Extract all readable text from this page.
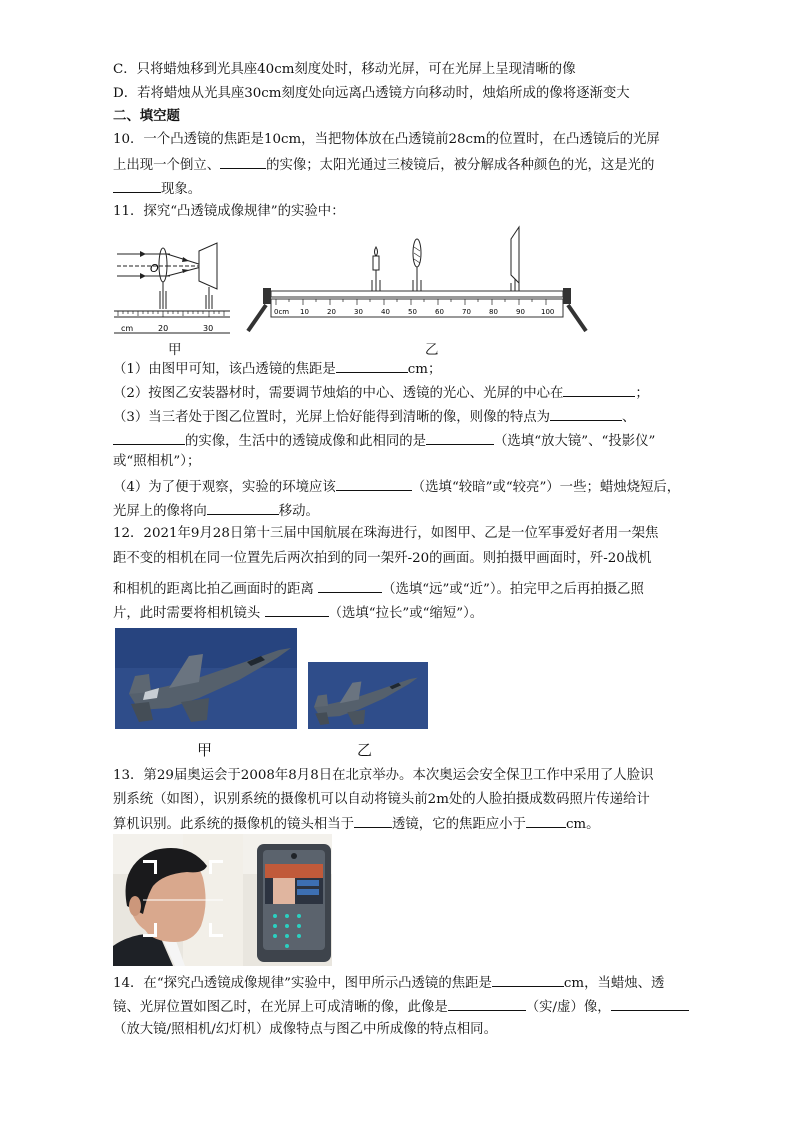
C．只将蜡烛移到光具座40cm刻度处时，移动光屏，可在光屏上呈现清晰的像
D．若将蜡烛从光具座30cm刻度处向远离凸透镜方向移动时，烛焰所成的像将逐渐变大
二、填空题
10．一个凸透镜的焦距是10cm，当把物体放在凸透镜前28cm的位置时，在凸透镜后的光屏
上出现一个倒立、	的实像；太阳光通过三棱镜后，被分解成各种颜色的光，这是光的
现象。
11．探究“凸透镜成像规律”的实验中：
O
cm	20	30
0cm 10	20	30	40	50	60	70	80	90 100
甲	乙
（1）由图甲可知，该凸透镜的焦距是	cm；
（2）按图乙安装器材时，需要调节烛焰的中心、透镜的光心、光屏的中心在	；
（3）当三者处于图乙位置时，光屏上恰好能得到清晰的像，则像的特点为	、
的实像，生活中的透镜成像和此相同的是	（选填“放大镜”、“投影仪”
或“照相机”）；
（4）为了便于观察，实验的环境应该	（选填“较暗”或“较亮”）一些；蜡烛烧短后，
光屏上的像将向	移动。
12．2021年9月28日第十三届中国航展在珠海进行，如图甲、乙是一位军事爱好者用一架焦
距不变的相机在同一位置先后两次拍到的同一架歼-20的画面。则拍摄甲画面时，歼-20战机
和相机的距离比拍乙画面时的距离	（选填“远”或“近”）。拍完甲之后再拍摄乙照
片，此时需要将相机镜头	（选填“拉长”或“缩短”）。
甲	乙
13．第29届奥运会于2008年8月8日在北京举办。本次奥运会安全保卫工作中采用了人脸识
别系统（如图），识别系统的摄像机可以自动将镜头前2m处的人脸拍摄成数码照片传递给计
算机识别。此系统的摄像机的镜头相当于	透镜，它的焦距应小于	cm。
14．在“探究凸透镜成像规律”实验中，图甲所示凸透镜的焦距是	cm，当蜡烛、透
镜、光屏位置如图乙时，在光屏上可成清晰的像，此像是	（实/虚）像，
（放大镜/照相机/幻灯机）成像特点与图乙中所成像的特点相同。
